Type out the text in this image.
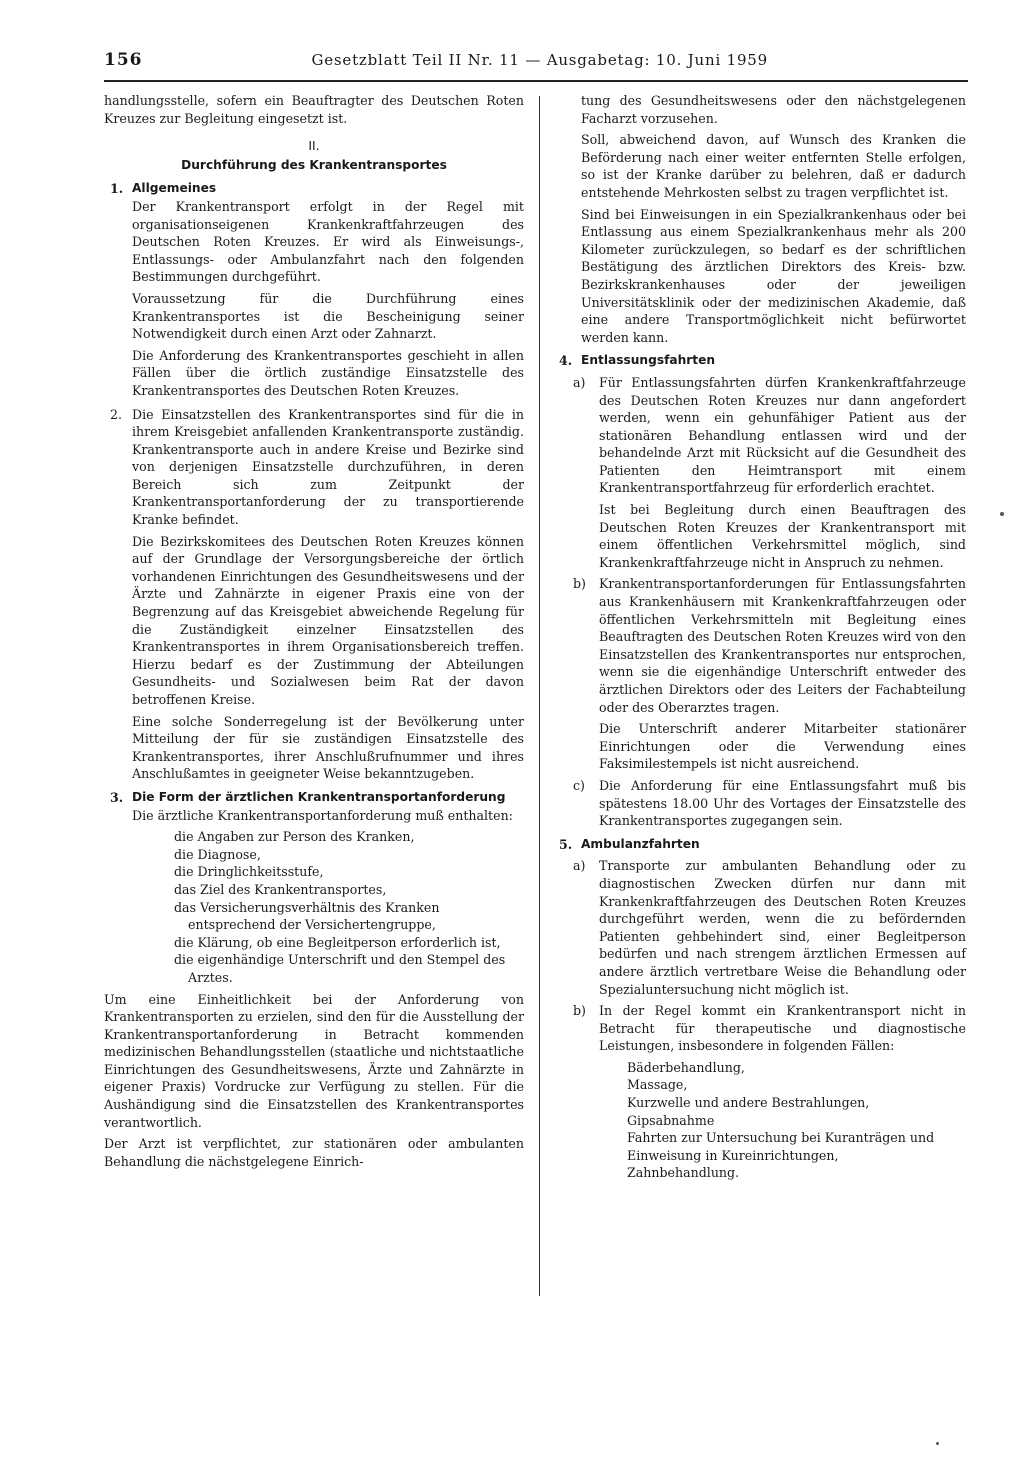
156	Gesetzblatt Teil II Nr. 11 — Ausgabetag: 10. Juni 1959

handlungsstelle, sofern ein Beauftragter des Deutschen Roten Kreuzes zur Begleitung eingesetzt ist.

II.
Durchführung des Krankentransportes
1. Allgemeines

Der Krankentransport erfolgt in der Regel mit organisationseigenen Krankenkraftfahrzeugen des Deutschen Roten Kreuzes. Er wird als Einweisungs-, Entlassungs- oder Ambulanzfahrt nach den folgenden Bestimmungen durchgeführt.

Voraussetzung für die Durchführung eines Krankentransportes ist die Bescheinigung seiner Notwendigkeit durch einen Arzt oder Zahnarzt.

Die Anforderung des Krankentransportes geschieht in allen Fällen über die örtlich zuständige Einsatzstelle des Krankentransportes des Deutschen Roten Kreuzes.

2. Die Einsatzstellen des Krankentransportes sind für die in ihrem Kreisgebiet anfallenden Krankentransporte zuständig. Krankentransporte auch in andere Kreise und Bezirke sind von derjenigen Einsatzstelle durchzuführen, in deren Bereich sich zum Zeitpunkt der Krankentransportanforderung der zu transportierende Kranke befindet.

Die Bezirkskomitees des Deutschen Roten Kreuzes können auf der Grundlage der Versorgungsbereiche der örtlich vorhandenen Einrichtungen des Gesundheitswesens und der Ärzte und Zahnärzte in eigener Praxis eine von der Begrenzung auf das Kreisgebiet abweichende Regelung für die Zuständigkeit einzelner Einsatzstellen des Krankentransportes in ihrem Organisationsbereich treffen. Hierzu bedarf es der Zustimmung der Abteilungen Gesundheits- und Sozialwesen beim Rat der davon betroffenen Kreise.

Eine solche Sonderregelung ist der Bevölkerung unter Mitteilung der für sie zuständigen Einsatzstelle des Krankentransportes, ihrer Anschlußrufnummer und ihres Anschlußamtes in geeigneter Weise bekanntzugeben.

3. Die Form der ärztlichen Krankentransportanforderung

Die ärztliche Krankentransportanforderung muß enthalten:

die Angaben zur Person des Kranken,
die Diagnose,
die Dringlichkeitsstufe,
das Ziel des Krankentransportes,
das Versicherungsverhältnis des Kranken entsprechend der Versichertengruppe,
die Klärung, ob eine Begleitperson erforderlich ist,
die eigenhändige Unterschrift und den Stempel des Arztes.

Um eine Einheitlichkeit bei der Anforderung von Krankentransporten zu erzielen, sind den für die Ausstellung der Krankentransportanforderung in Betracht kommenden medizinischen Behandlungsstellen (staatliche und nichtstaatliche Einrichtungen des Gesundheitswesens, Ärzte und Zahnärzte in eigener Praxis) Vordrucke zur Verfügung zu stellen. Für die Aushändigung sind die Einsatzstellen des Krankentransportes verantwortlich.

Der Arzt ist verpflichtet, zur stationären oder ambulanten Behandlung die nächstgelegene Einrich-

tung des Gesundheitswesens oder den nächstgelegenen Facharzt vorzusehen.

Soll, abweichend davon, auf Wunsch des Kranken die Beförderung nach einer weiter entfernten Stelle erfolgen, so ist der Kranke darüber zu belehren, daß er dadurch entstehende Mehrkosten selbst zu tragen verpflichtet ist.

Sind bei Einweisungen in ein Spezialkrankenhaus oder bei Entlassung aus einem Spezialkrankenhaus mehr als 200 Kilometer zurückzulegen, so bedarf es der schriftlichen Bestätigung des ärztlichen Direktors des Kreis- bzw. Bezirkskrankenhauses oder der jeweiligen Universitätsklinik oder der medizinischen Akademie, daß eine andere Transportmöglichkeit nicht befürwortet werden kann.

4. Entlassungsfahrten
a) Für Entlassungsfahrten dürfen Krankenkraftfahrzeuge des Deutschen Roten Kreuzes nur dann angefordert werden, wenn ein gehunfähiger Patient aus der stationären Behandlung entlassen wird und der behandelnde Arzt mit Rücksicht auf die Gesundheit des Patienten den Heimtransport mit einem Krankentransportfahrzeug für erforderlich erachtet.

Ist bei Begleitung durch einen Beauftragen des Deutschen Roten Kreuzes der Krankentransport mit einem öffentlichen Verkehrsmittel möglich, sind Krankenkraftfahrzeuge nicht in Anspruch zu nehmen.

b) Krankentransportanforderungen für Entlassungsfahrten aus Krankenhäusern mit Krankenkraftfahrzeugen oder öffentlichen Verkehrsmitteln mit Begleitung eines Beauftragten des Deutschen Roten Kreuzes wird von den Einsatzstellen des Krankentransportes nur entsprochen, wenn sie die eigenhändige Unterschrift entweder des ärztlichen Direktors oder des Leiters der Fachabteilung oder des Oberarztes tragen.

Die Unterschrift anderer Mitarbeiter stationärer Einrichtungen oder die Verwendung eines Faksimilestempels ist nicht ausreichend.

c) Die Anforderung für eine Entlassungsfahrt muß bis spätestens 18.00 Uhr des Vortages der Einsatzstelle des Krankentransportes zugegangen sein.

5. Ambulanzfahrten
a) Transporte zur ambulanten Behandlung oder zu diagnostischen Zwecken dürfen nur dann mit Krankenkraftfahrzeugen des Deutschen Roten Kreuzes durchgeführt werden, wenn die zu befördernden Patienten gehbehindert sind, einer Begleitperson bedürfen und nach strengem ärztlichen Ermessen auf andere ärztlich vertretbare Weise die Behandlung oder Spezialuntersuchung nicht möglich ist.

b) In der Regel kommt ein Krankentransport nicht in Betracht für therapeutische und diagnostische Leistungen, insbesondere in folgenden Fällen:

Bäderbehandlung,
Massage,
Kurzwelle und andere Bestrahlungen,
Gipsabnahme
Fahrten zur Untersuchung bei Kuranträgen und Einweisung in Kureinrichtungen,
Zahnbehandlung.
